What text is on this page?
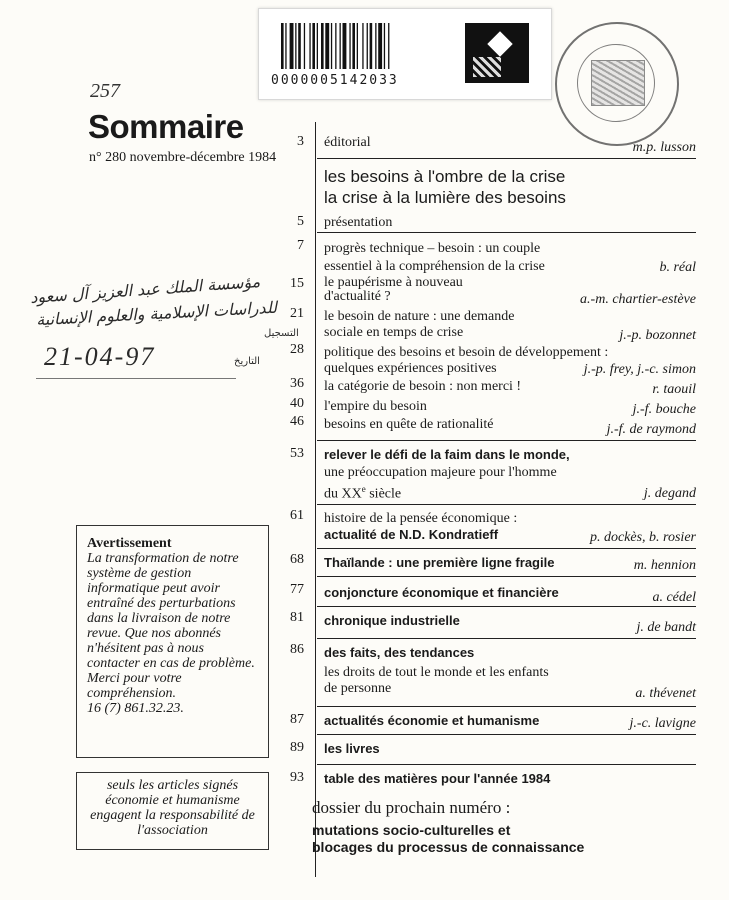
0000005142033
257
Sommaire
n° 280 novembre-décembre 1984
مؤسسة الملك عبد العزيز آل سعود
للدراسات الإسلامية والعلوم الإنسانية
التسجيل
التاريخ
21-04-97
Avertissement
La transformation de notre système de gestion informatique peut avoir entraîné des perturbations dans la livraison de notre revue. Que nos abonnés n'hésitent pas à nous contacter en cas de problème.
Merci pour votre compréhension.
16 (7) 861.32.23.
seuls les articles signés économie et humanisme engagent la responsabilité de l'association
3 éditorial	m.p. lusson
les besoins à l'ombre de la crise
la crise à la lumière des besoins
5 présentation
7 progrès technique – besoin : un couple
essentiel à la compréhension de la crise	b. réal
15 le paupérisme à nouveau
d'actualité ?	a.-m. chartier-estève
21 le besoin de nature : une demande
sociale en temps de crise	j.-p. bozonnet
28 politique des besoins et besoin de développement :
quelques expériences positives	j.-p. frey, j.-c. simon
36 la catégorie de besoin : non merci !	r. taouil
40 l'empire du besoin	j.-f. bouche
46 besoins en quête de rationalité	j.-f. de raymond
53 relever le défi de la faim dans le monde,
une préoccupation majeure pour l'homme
du XXe siècle	j. degand
61 histoire de la pensée économique :
actualité de N.D. Kondratieff	p. dockès, b. rosier
68 Thaïlande : une première ligne fragile	m. hennion
77 conjoncture économique et financière	a. cédel
81 chronique industrielle	j. de bandt
86 des faits, des tendances
les droits de tout le monde et les enfants
de personne	a. thévenet
87 actualités économie et humanisme	j.-c. lavigne
89 les livres
93 table des matières pour l'année 1984
dossier du prochain numéro :
mutations socio-culturelles et
blocages du processus de connaissance
